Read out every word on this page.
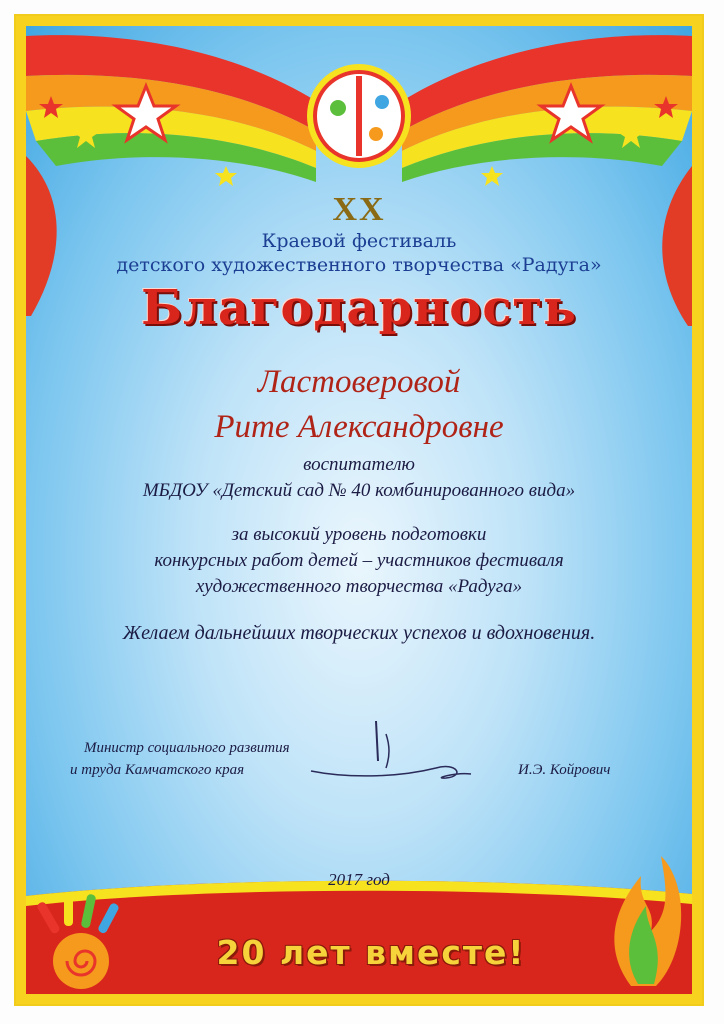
XX
Краевой фестиваль
детского художественного творчества «Радуга»
Благодарность
Ластоверовой
Рите Александровне
воспитателю
МБДОУ «Детский сад № 40 комбинированного вида»
за высокий уровень подготовки
конкурсных работ детей – участников фестиваля
художественного творчества «Радуга»
Желаем дальнейших творческих успехов и вдохновения.
Министр социального развития
и труда Камчатского края	И.Э. Койрович
2017 год
20 лет вместе!
